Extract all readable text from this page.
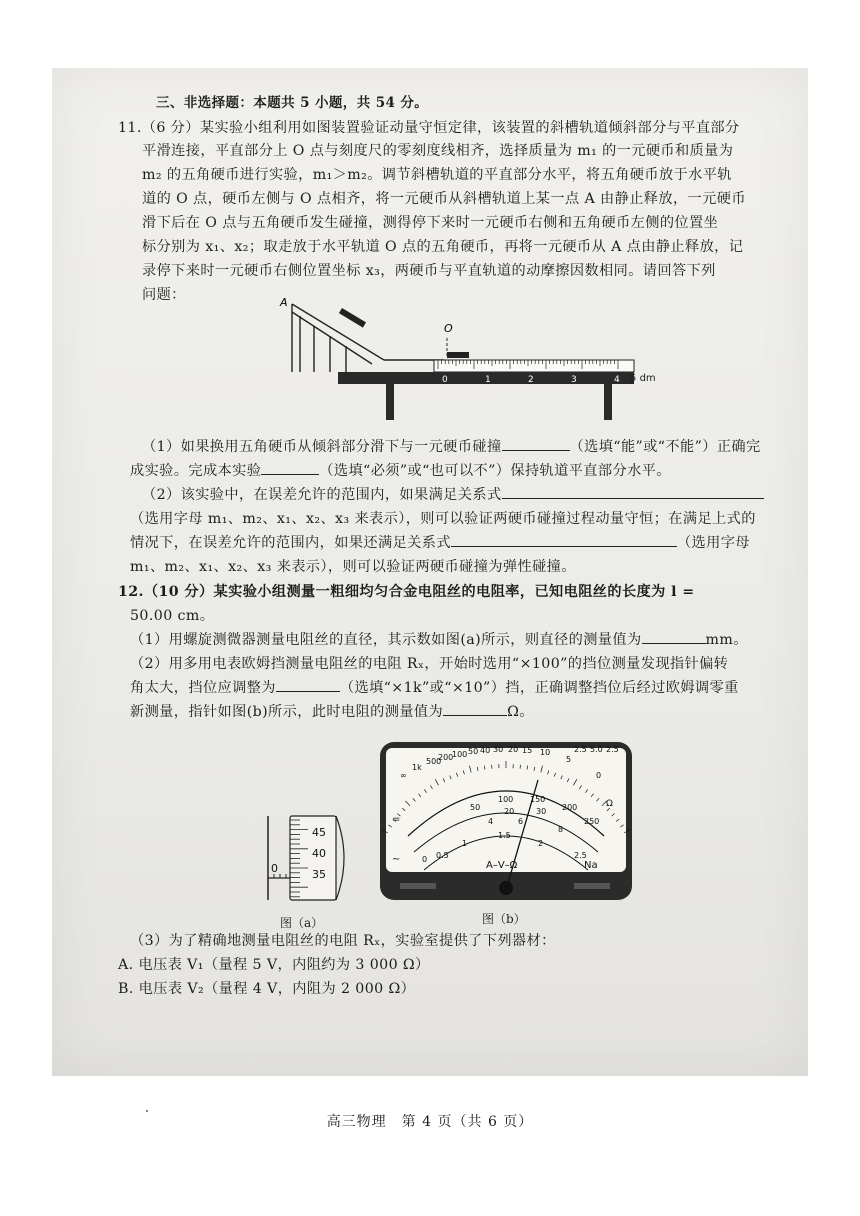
三、非选择题：本题共 5 小题，共 54 分。
11.（6 分）某实验小组利用如图装置验证动量守恒定律，该装置的斜槽轨道倾斜部分与平直部分
平滑连接，平直部分上 O 点与刻度尺的零刻度线相齐，选择质量为 m₁ 的一元硬币和质量为
m₂ 的五角硬币进行实验，m₁＞m₂。调节斜槽轨道的平直部分水平，将五角硬币放于水平轨
道的 O 点，硬币左侧与 O 点相齐，将一元硬币从斜槽轨道上某一点 A 由静止释放，一元硬币
滑下后在 O 点与五角硬币发生碰撞，测得停下来时一元硬币右侧和五角硬币左侧的位置坐
标分别为 x₁、x₂；取走放于水平轨道 O 点的五角硬币，再将一元硬币从 A 点由静止释放，记
录停下来时一元硬币右侧位置坐标 x₃，两硬币与平直轨道的动摩擦因数相同。请回答下列
问题：	A
O
0	1	2	3	4 5 dm
（1）如果换用五角硬币从倾斜部分滑下与一元硬币碰撞	（选填“能”或“不能”）正确完
成实验。完成本实验	（选填“必须”或“也可以不”）保持轨道平直部分水平。
（2）该实验中，在误差允许的范围内，如果满足关系式
（选用字母 m₁、m₂、x₁、x₂、x₃ 来表示），则可以验证两硬币碰撞过程动量守恒；在满足上式的
情况下，在误差允许的范围内，如果还满足关系式	（选用字母
m₁、m₂、x₁、x₂、x₃ 来表示），则可以验证两硬币碰撞为弹性碰撞。
12.（10 分）某实验小组测量一粗细均匀合金电阻丝的电阻率，已知电阻丝的长度为 l =
50.00 cm。
（1）用螺旋测微器测量电阻丝的直径，其示数如图(a)所示，则直径的测量值为	mm。
（2）用多用电表欧姆挡测量电阻丝的电阻 Rₓ，开始时选用“×100”的挡位测量发现指针偏转
角太大，挡位应调整为	（选填“×1k”或“×10”）挡，正确调整挡位后经过欧姆调零重
新测量，指针如图(b)所示，此时电阻的测量值为	Ω。
45
40
35
0
图（a）
∞
1k
500
200
100 50 40 30 20 15 10
5
0
2.5 5.0 2.5
Ω
=
∼
100 150
200
250
50	20	30
4	6
8
0 0.5
1
1.5
2
2.5
A–V–Ω	Na
图（b）
（3）为了精确地测量电阻丝的电阻 Rₓ，实验室提供了下列器材：
A. 电压表 V₁（量程 5 V，内阻约为 3 000 Ω）
B. 电压表 V₂（量程 4 V，内阻为 2 000 Ω）
高三物理　第 4 页（共 6 页）
